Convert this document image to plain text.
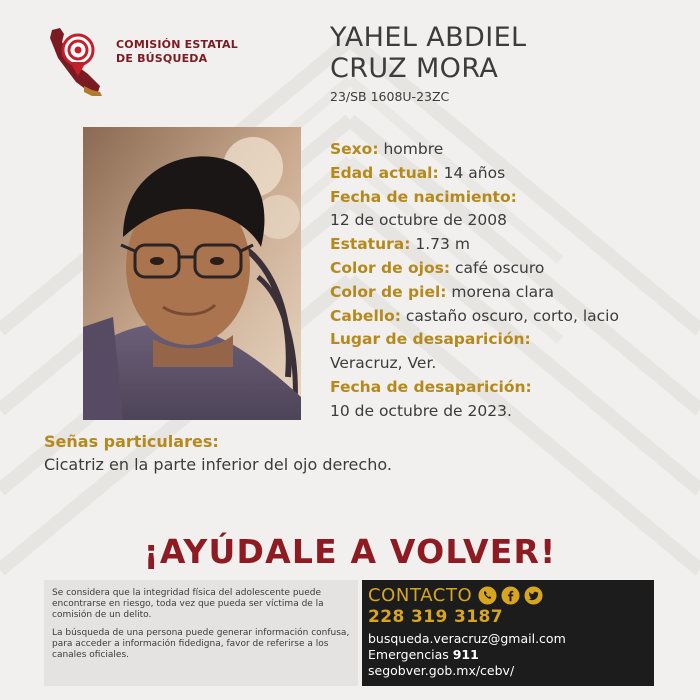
COMISIÓN ESTATAL
DE BÚSQUEDA
YAHEL ABDIEL
CRUZ MORA
23/SB 1608U-23ZC
Sexo: hombre
Edad actual: 14 años
Fecha de nacimiento:
12 de octubre de 2008
Estatura: 1.73 m
Color de ojos: café oscuro
Color de piel: morena clara
Cabello: castaño oscuro, corto, lacio
Lugar de desaparición:
Veracruz, Ver.
Fecha de desaparición:
10 de octubre de 2023.
Señas particulares:
Cicatriz en la parte inferior del ojo derecho.
¡AYÚDALE A VOLVER!

Se considera que la integridad física del adolescente puede encontrarse en riesgo, toda vez que pueda ser víctima de la comisión de un delito.

La búsqueda de una persona puede generar información confusa, para acceder a información fidedigna, favor de referirse a los canales oficiales.

CONTACTO
228 319 3187
busqueda.veracruz@gmail.com
Emergencias 911
segobver.gob.mx/cebv/
